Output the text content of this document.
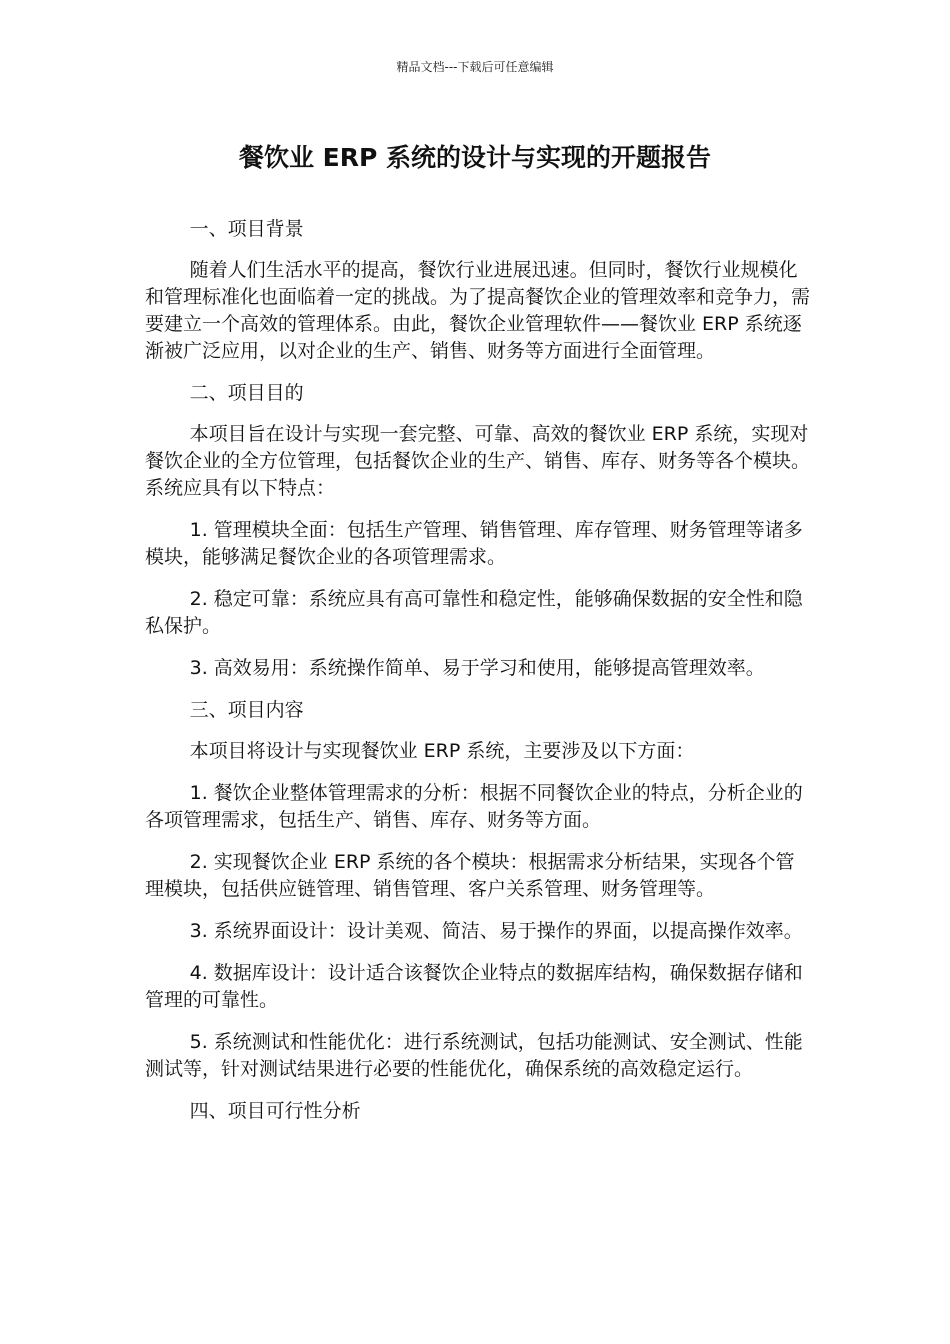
精品文档---下载后可任意编辑
餐饮业 ERP 系统的设计与实现的开题报告

一、项目背景

随着人们生活水平的提高，餐饮行业进展迅速。但同时，餐饮行业规模化和管理标准化也面临着一定的挑战。为了提高餐饮企业的管理效率和竞争力，需要建立一个高效的管理体系。由此，餐饮企业管理软件——餐饮业 ERP 系统逐渐被广泛应用，以对企业的生产、销售、财务等方面进行全面管理。

二、项目目的

本项目旨在设计与实现一套完整、可靠、高效的餐饮业 ERP 系统，实现对餐饮企业的全方位管理，包括餐饮企业的生产、销售、库存、财务等各个模块。系统应具有以下特点：

1. 管理模块全面：包括生产管理、销售管理、库存管理、财务管理等诸多模块，能够满足餐饮企业的各项管理需求。

2. 稳定可靠：系统应具有高可靠性和稳定性，能够确保数据的安全性和隐私保护。

3. 高效易用：系统操作简单、易于学习和使用，能够提高管理效率。

三、项目内容

本项目将设计与实现餐饮业 ERP 系统，主要涉及以下方面：

1. 餐饮企业整体管理需求的分析：根据不同餐饮企业的特点，分析企业的各项管理需求，包括生产、销售、库存、财务等方面。

2. 实现餐饮企业 ERP 系统的各个模块：根据需求分析结果，实现各个管理模块，包括供应链管理、销售管理、客户关系管理、财务管理等。

3. 系统界面设计：设计美观、简洁、易于操作的界面，以提高操作效率。

4. 数据库设计：设计适合该餐饮企业特点的数据库结构，确保数据存储和管理的可靠性。

5. 系统测试和性能优化：进行系统测试，包括功能测试、安全测试、性能测试等，针对测试结果进行必要的性能优化，确保系统的高效稳定运行。

四、项目可行性分析
